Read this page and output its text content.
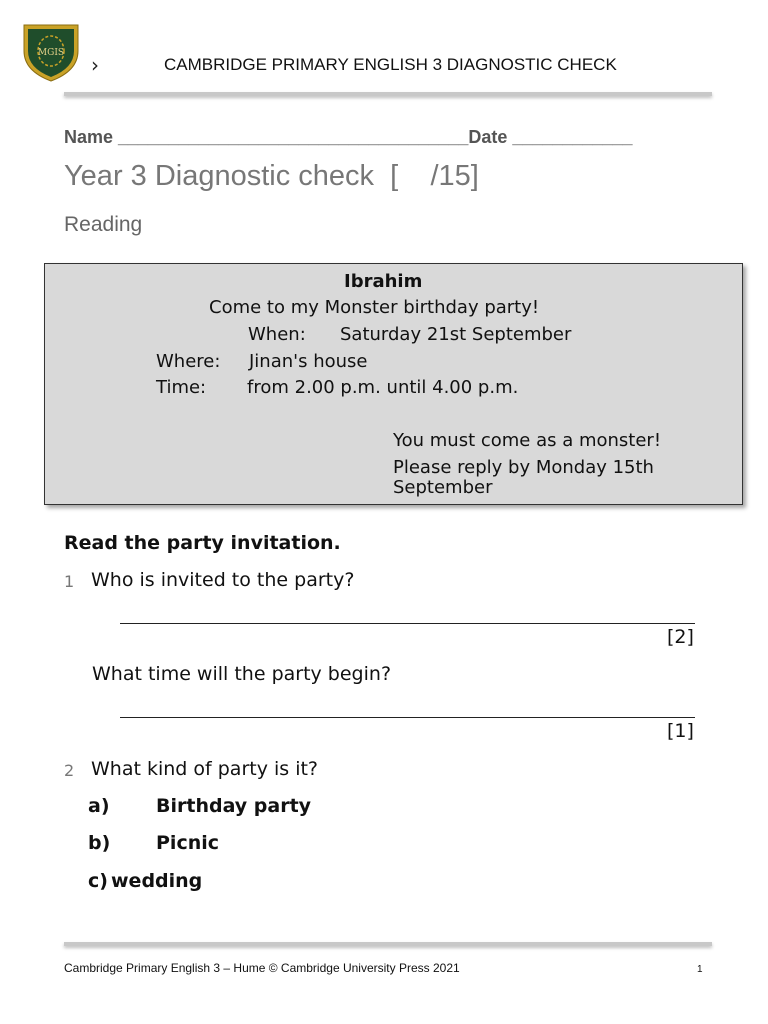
MGIS ›	CAMBRIDGE PRIMARY ENGLISH 3 DIAGNOSTIC CHECK
Name ___________________________________Date ____________
Year 3 Diagnostic check  [    /15]
Reading
Ibrahim
Come to my Monster birthday party!
When: Saturday 21st September
Where: Jinan's house
Time: from 2.00 p.m. until 4.00 p.m.
You must come as a monster!
Please reply by Monday 15th
September
Read the party invitation.
1 Who is invited to the party?
[2]
What time will the party begin?
[1]
2 What kind of party is it?
a) Birthday party
b) Picnic
c) wedding
Cambridge Primary English 3 – Hume © Cambridge University Press 2021	1
